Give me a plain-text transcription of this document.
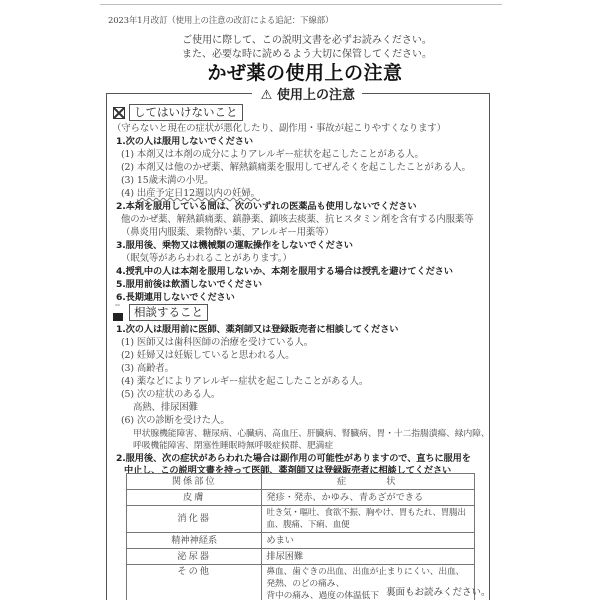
2023年1月改訂（使用上の注意の改訂による追記：下線部）
ご使用に際して、この説明文書を必ずお読みください。
また、必要な時に読めるよう大切に保管してください。
かぜ薬の使用上の注意
⚠ 使用上の注意
してはいけないこと
（守らないと現在の症状が悪化したり、副作用・事故が起こりやすくなります）
1.次の人は服用しないでください
(1) 本剤又は本剤の成分によりアレルギー症状を起こしたことがある人。
(2) 本剤又は他のかぜ薬、解熱鎮痛薬を服用してぜんそくを起こしたことがある人。
(3) 15歳未満の小児。
(4) 出産予定日12週以内の妊婦。
2.本剤を服用している間は、次のいずれの医薬品も使用しないでください
他のかぜ薬、解熱鎮痛薬、鎮静薬、鎮咳去痰薬、抗ヒスタミン剤を含有する内服薬等
（鼻炎用内服薬、乗物酔い薬、アレルギー用薬等）
3.服用後、乗物又は機械類の運転操作をしないでください
（眠気等があらわれることがあります。）
4.授乳中の人は本剤を服用しないか、本剤を服用する場合は授乳を避けてください
5.服用前後は飲酒しないでください
6.長期連用しないでください
∾	相談すること
1.次の人は服用前に医師、薬剤師又は登録販売者に相談してください
(1) 医師又は歯科医師の治療を受けている人。
(2) 妊婦又は妊娠していると思われる人。
(3) 高齢者。
(4) 薬などによりアレルギー症状を起こしたことがある人。
(5) 次の症状のある人。
高熱、排尿困難
(6) 次の診断を受けた人。
甲状腺機能障害、糖尿病、心臓病、高血圧、肝臓病、腎臓病、胃・十二指腸潰瘍、緑内障、
呼吸機能障害、閉塞性睡眠時無呼吸症候群、肥満症
2.服用後、次の症状があらわれた場合は副作用の可能性がありますので、直ちに服用を
中止し、この説明文書を持って医師、薬剤師又は登録販売者に相談してください
関係部位	症状
皮膚	発疹・発赤、かゆみ、青あざができる
消化器	吐き気・嘔吐、食欲不振、胸やけ、胃もたれ、胃腸出血、腹痛、下痢、血便
精神神経系	めまい
泌尿器	排尿困難
その他	鼻血、歯ぐきの出血、出血が止まりにくい、出血、発熱、のどの痛み、
背中の痛み、過度の体温低下 裏面もお読みください。
